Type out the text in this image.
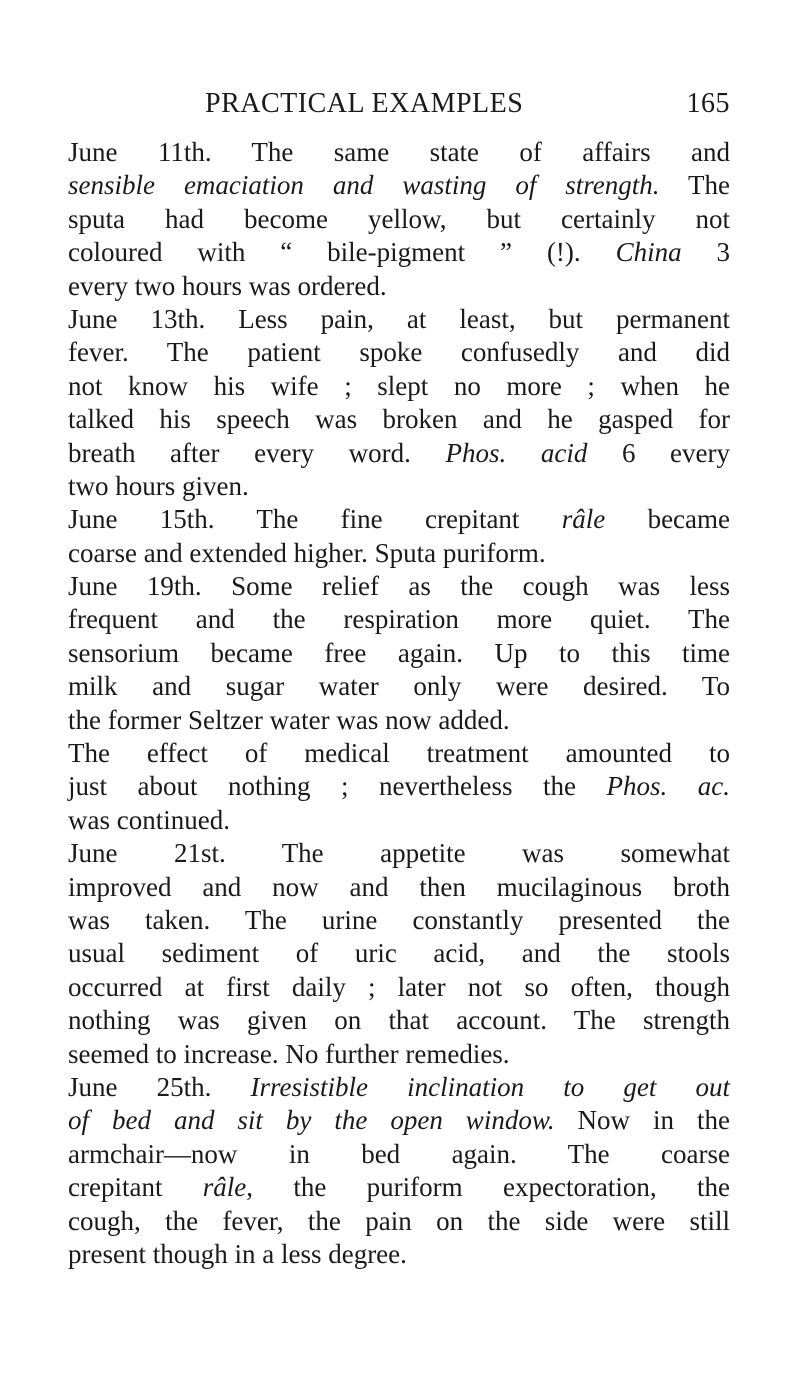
PRACTICAL EXAMPLES	165
June 11th. The same state of affairs and
sensible emaciation and wasting of strength. The
sputa had become yellow, but certainly not
coloured with “ bile-pigment ” (!). China 3
every two hours was ordered.
June 13th. Less pain, at least, but permanent
fever. The patient spoke confusedly and did
not know his wife ; slept no more ; when he
talked his speech was broken and he gasped for
breath after every word. Phos. acid 6 every
two hours given.
June 15th. The fine crepitant râle became
coarse and extended higher. Sputa puriform.
June 19th. Some relief as the cough was less
frequent and the respiration more quiet. The
sensorium became free again. Up to this time
milk and sugar water only were desired. To
the former Seltzer water was now added.
The effect of medical treatment amounted to
just about nothing ; nevertheless the Phos. ac.
was continued.
June 21st. The appetite was somewhat
improved and now and then mucilaginous broth
was taken. The urine constantly presented the
usual sediment of uric acid, and the stools
occurred at first daily ; later not so often, though
nothing was given on that account. The strength
seemed to increase. No further remedies.
June 25th. Irresistible inclination to get out
of bed and sit by the open window. Now in the
armchair—now in bed again. The coarse
crepitant râle, the puriform expectoration, the
cough, the fever, the pain on the side were still
present though in a less degree.
